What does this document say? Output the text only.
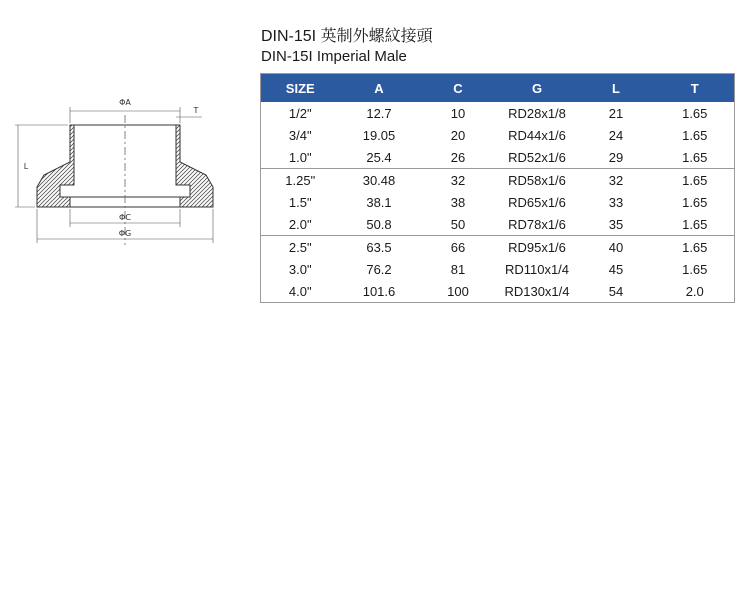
ΦA
T
L
ΦC
ΦG
DIN-15I 英制外螺紋接頭
DIN-15I Imperial Male
SIZE	A	C	G	L	T
1/2"	12.7	10	RD28x1/8	21	1.65
3/4"	19.05	20	RD44x1/6	24	1.65
1.0"	25.4	26	RD52x1/6	29	1.65
1.25"	30.48	32	RD58x1/6	32	1.65
1.5"	38.1	38	RD65x1/6	33	1.65
2.0"	50.8	50	RD78x1/6	35	1.65
2.5"	63.5	66	RD95x1/6	40	1.65
3.0"	76.2	81	RD110x1/4	45	1.65
4.0"	101.6	100	RD130x1/4	54	2.0
